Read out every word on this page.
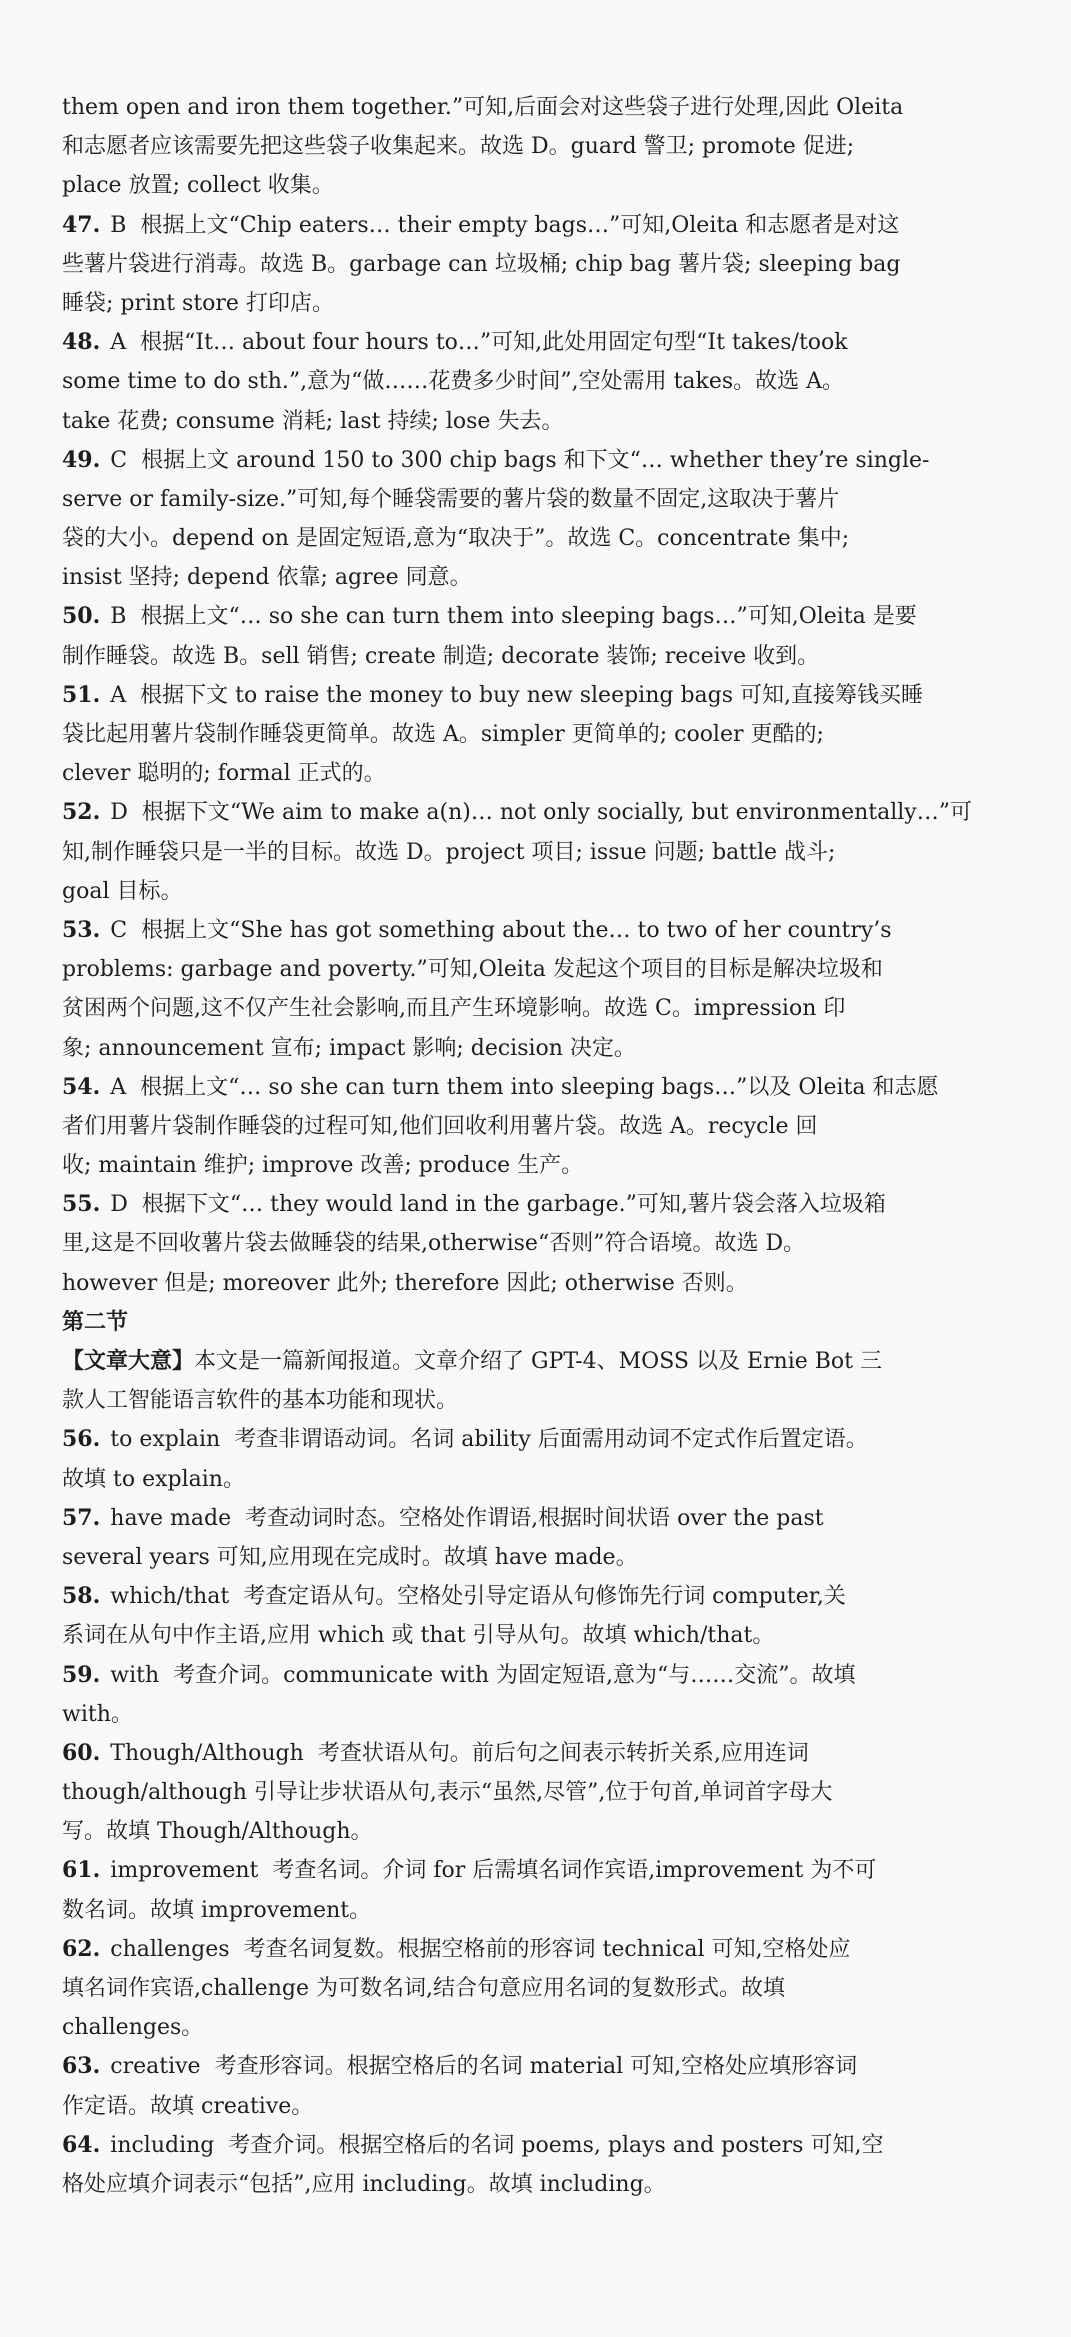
them open and iron them together.”可知,后面会对这些袋子进行处理,因此 Oleita
和志愿者应该需要先把这些袋子收集起来。故选 D。guard 警卫; promote 促进;
place 放置; collect 收集。
47. B 根据上文“Chip eaters… their empty bags…”可知,Oleita 和志愿者是对这
些薯片袋进行消毒。故选 B。garbage can 垃圾桶; chip bag 薯片袋; sleeping bag
睡袋; print store 打印店。
48. A 根据“It… about four hours to…”可知,此处用固定句型“It takes/took
some time to do sth.”,意为“做……花费多少时间”,空处需用 takes。故选 A。
take 花费; consume 消耗; last 持续; lose 失去。
49. C 根据上文 around 150 to 300 chip bags 和下文“… whether they’re single-
serve or family-size.”可知,每个睡袋需要的薯片袋的数量不固定,这取决于薯片
袋的大小。depend on 是固定短语,意为“取决于”。故选 C。concentrate 集中;
insist 坚持; depend 依靠; agree 同意。
50. B 根据上文“… so she can turn them into sleeping bags…”可知,Oleita 是要
制作睡袋。故选 B。sell 销售; create 制造; decorate 装饰; receive 收到。
51. A 根据下文 to raise the money to buy new sleeping bags 可知,直接筹钱买睡
袋比起用薯片袋制作睡袋更简单。故选 A。simpler 更简单的; cooler 更酷的;
clever 聪明的; formal 正式的。
52. D 根据下文“We aim to make a(n)… not only socially, but environmentally…”可
知,制作睡袋只是一半的目标。故选 D。project 项目; issue 问题; battle 战斗;
goal 目标。
53. C 根据上文“She has got something about the… to two of her country’s
problems: garbage and poverty.”可知,Oleita 发起这个项目的目标是解决垃圾和
贫困两个问题,这不仅产生社会影响,而且产生环境影响。故选 C。impression 印
象; announcement 宣布; impact 影响; decision 决定。
54. A 根据上文“… so she can turn them into sleeping bags…”以及 Oleita 和志愿
者们用薯片袋制作睡袋的过程可知,他们回收利用薯片袋。故选 A。recycle 回
收; maintain 维护; improve 改善; produce 生产。
55. D 根据下文“… they would land in the garbage.”可知,薯片袋会落入垃圾箱
里,这是不回收薯片袋去做睡袋的结果,otherwise“否则”符合语境。故选 D。
however 但是; moreover 此外; therefore 因此; otherwise 否则。
第二节
【文章大意】本文是一篇新闻报道。文章介绍了 GPT-4、MOSS 以及 Ernie Bot 三
款人工智能语言软件的基本功能和现状。
56. to explain 考查非谓语动词。名词 ability 后面需用动词不定式作后置定语。
故填 to explain。
57. have made 考查动词时态。空格处作谓语,根据时间状语 over the past
several years 可知,应用现在完成时。故填 have made。
58. which/that 考查定语从句。空格处引导定语从句修饰先行词 computer,关
系词在从句中作主语,应用 which 或 that 引导从句。故填 which/that。
59. with 考查介词。communicate with 为固定短语,意为“与……交流”。故填
with。
60. Though/Although 考查状语从句。前后句之间表示转折关系,应用连词
though/although 引导让步状语从句,表示“虽然,尽管”,位于句首,单词首字母大
写。故填 Though/Although。
61. improvement 考查名词。介词 for 后需填名词作宾语,improvement 为不可
数名词。故填 improvement。
62. challenges 考查名词复数。根据空格前的形容词 technical 可知,空格处应
填名词作宾语,challenge 为可数名词,结合句意应用名词的复数形式。故填
challenges。
63. creative 考查形容词。根据空格后的名词 material 可知,空格处应填形容词
作定语。故填 creative。
64. including 考查介词。根据空格后的名词 poems, plays and posters 可知,空
格处应填介词表示“包括”,应用 including。故填 including。
